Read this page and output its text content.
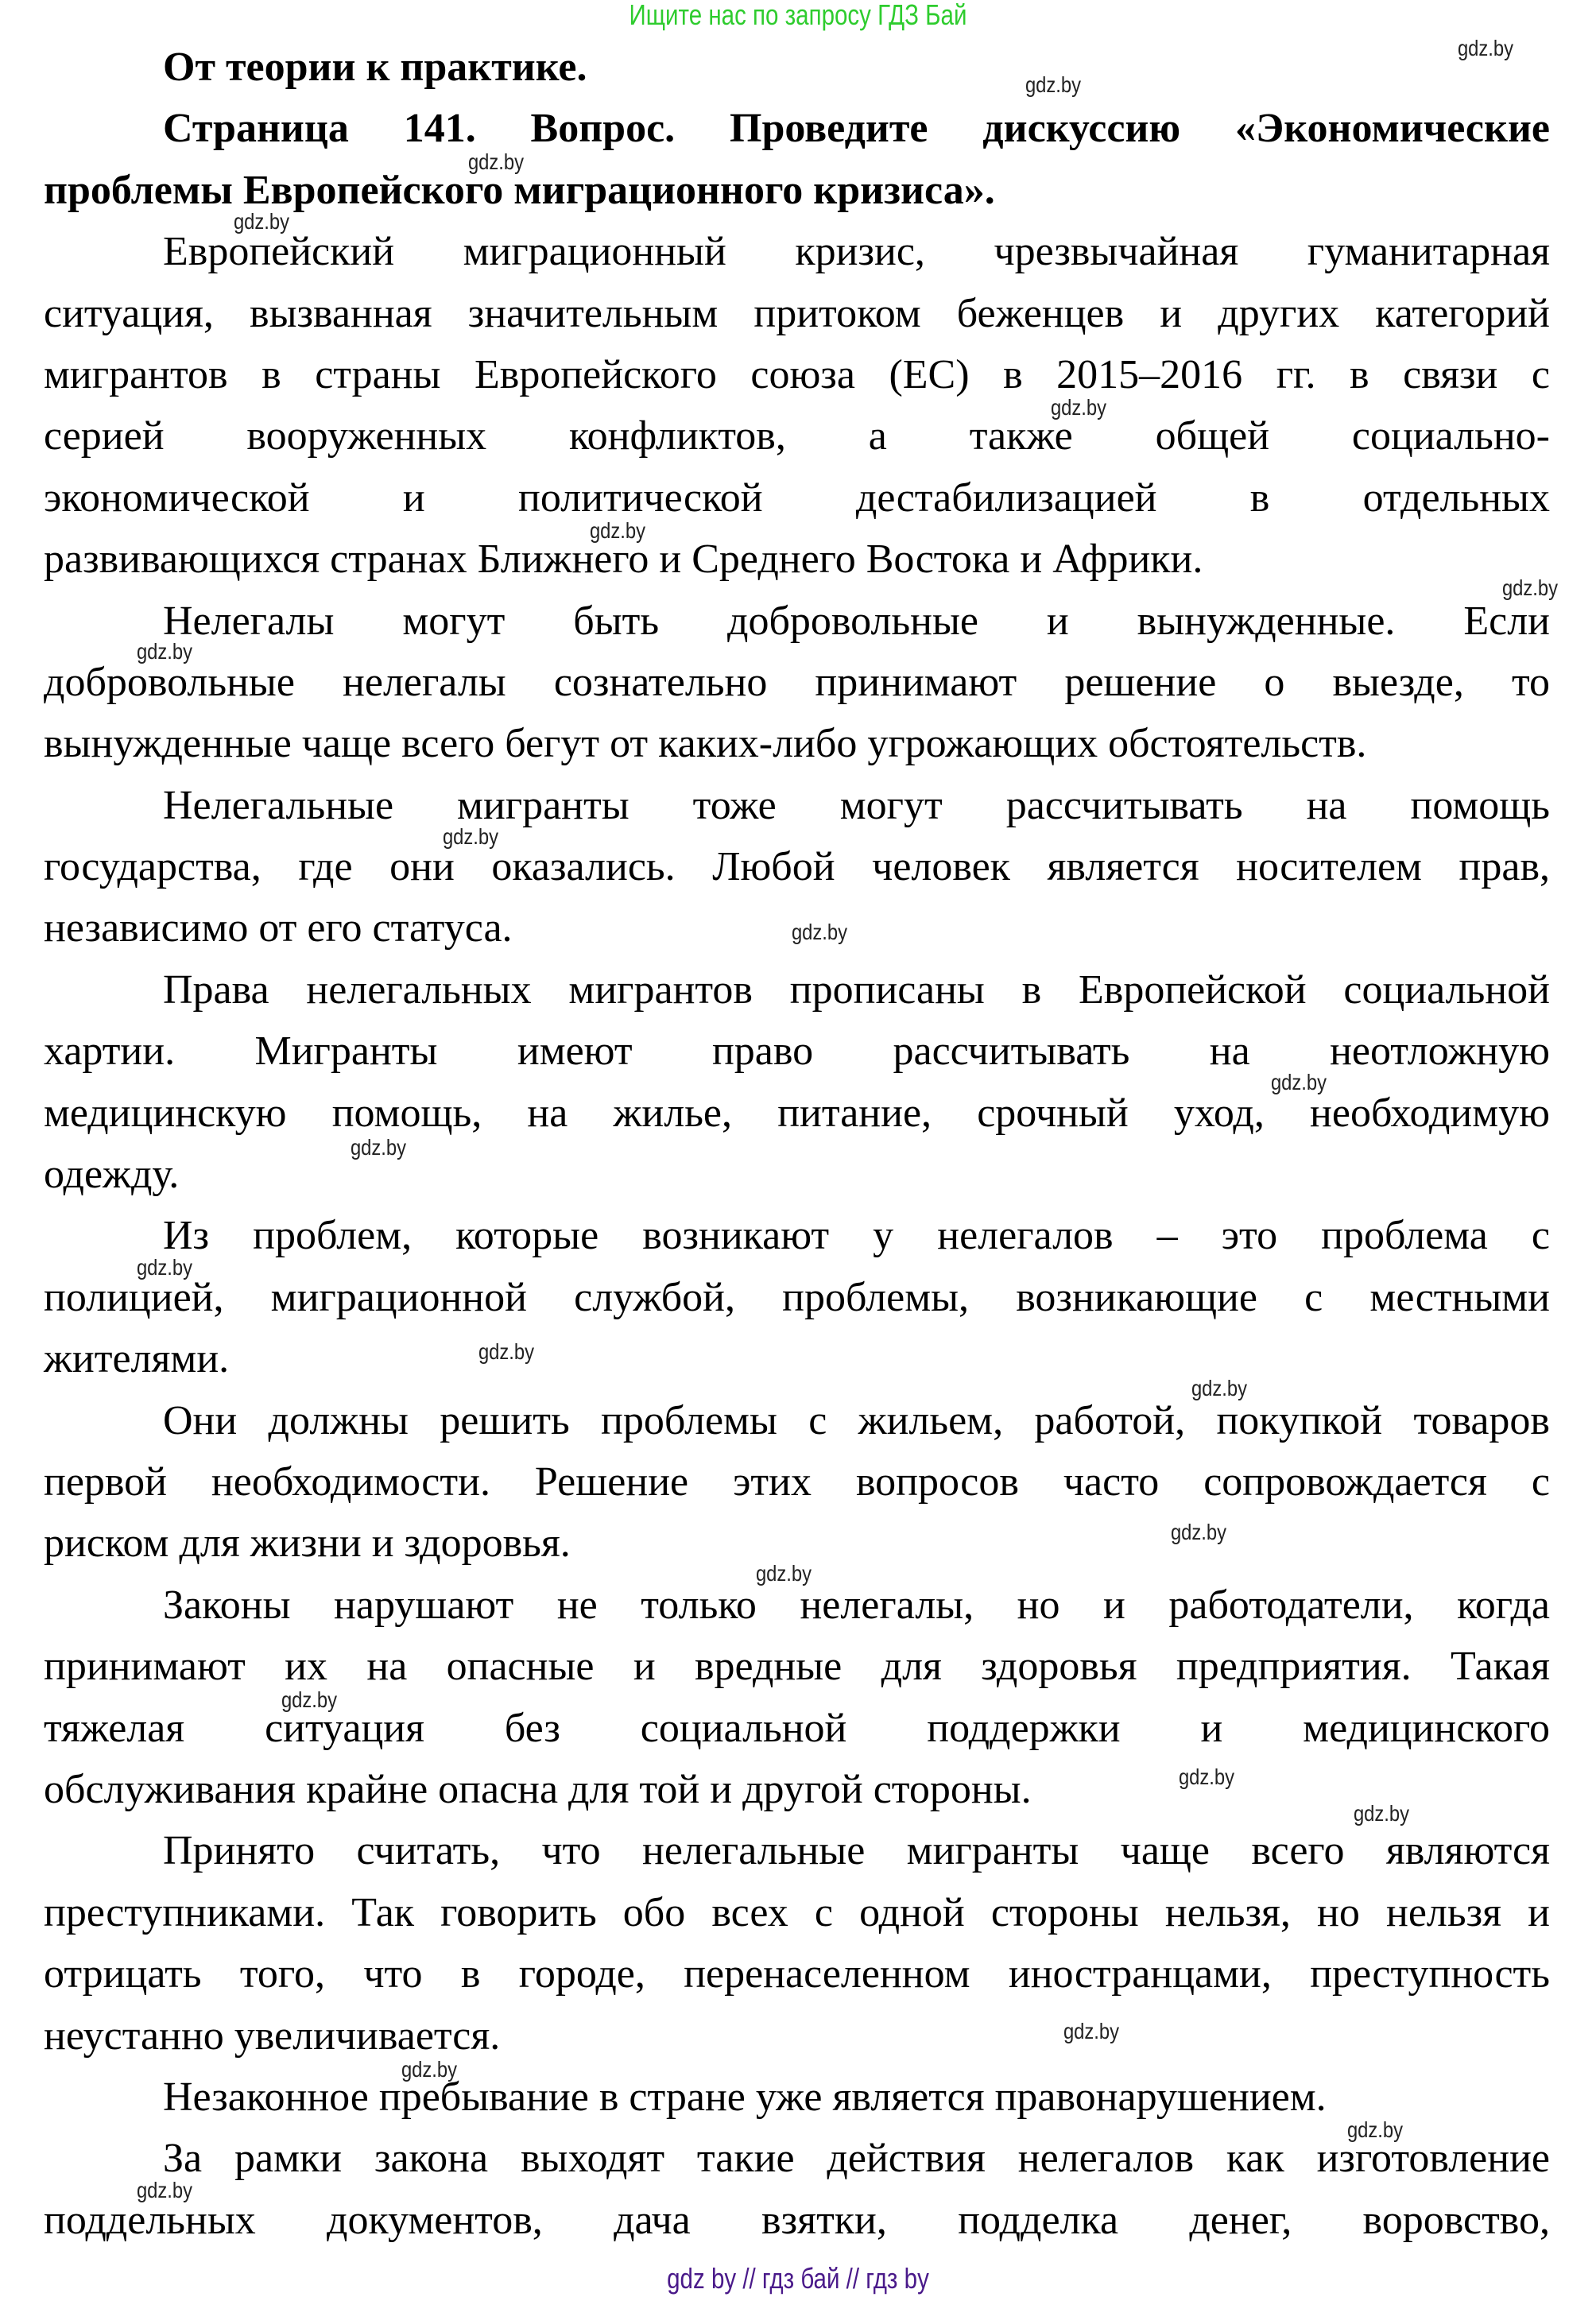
Ищите нас по запросу ГДЗ Бай
От теории к практике.
Страница 141. Вопрос. Проведите дискуссию «Экономические
проблемы Европейского миграционного кризиса».
Европейский миграционный кризис, чрезвычайная гуманитарная
ситуация, вызванная значительным притоком беженцев и других категорий
мигрантов в страны Европейского союза (ЕС) в 2015–2016 гг. в связи с
серией вооруженных конфликтов, а также общей социально-
экономической и политической дестабилизацией в отдельных
развивающихся странах Ближнего и Среднего Востока и Африки.
Нелегалы могут быть добровольные и вынужденные. Если
добровольные нелегалы сознательно принимают решение о выезде, то
вынужденные чаще всего бегут от каких-либо угрожающих обстоятельств.
Нелегальные мигранты тоже могут рассчитывать на помощь
государства, где они оказались. Любой человек является носителем прав,
независимо от его статуса.
Права нелегальных мигрантов прописаны в Европейской социальной
хартии. Мигранты имеют право рассчитывать на неотложную
медицинскую помощь, на жилье, питание, срочный уход, необходимую
одежду.
Из проблем, которые возникают у нелегалов – это проблема с
полицией, миграционной службой, проблемы, возникающие с местными
жителями.
Они должны решить проблемы с жильем, работой, покупкой товаров
первой необходимости. Решение этих вопросов часто сопровождается с
риском для жизни и здоровья.
Законы нарушают не только нелегалы, но и работодатели, когда
принимают их на опасные и вредные для здоровья предприятия. Такая
тяжелая ситуация без социальной поддержки и медицинского
обслуживания крайне опасна для той и другой стороны.
Принято считать, что нелегальные мигранты чаще всего являются
преступниками. Так говорить обо всех с одной стороны нельзя, но нельзя и
отрицать того, что в городе, перенаселенном иностранцами, преступность
неустанно увеличивается.
Незаконное пребывание в стране уже является правонарушением.
За рамки закона выходят такие действия нелегалов как изготовление
поддельных документов, дача взятки, подделка денег, воровство,
gdz by // гдз бай // гдз by
gdz.by
gdz.by
gdz.by
gdz.by
gdz.by
gdz.by
gdz.by
gdz.by
gdz.by
gdz.by
gdz.by
gdz.by
gdz.by
gdz.by
gdz.by
gdz.by
gdz.by
gdz.by
gdz.by
gdz.by
gdz.by
gdz.by
gdz.by
gdz.by
